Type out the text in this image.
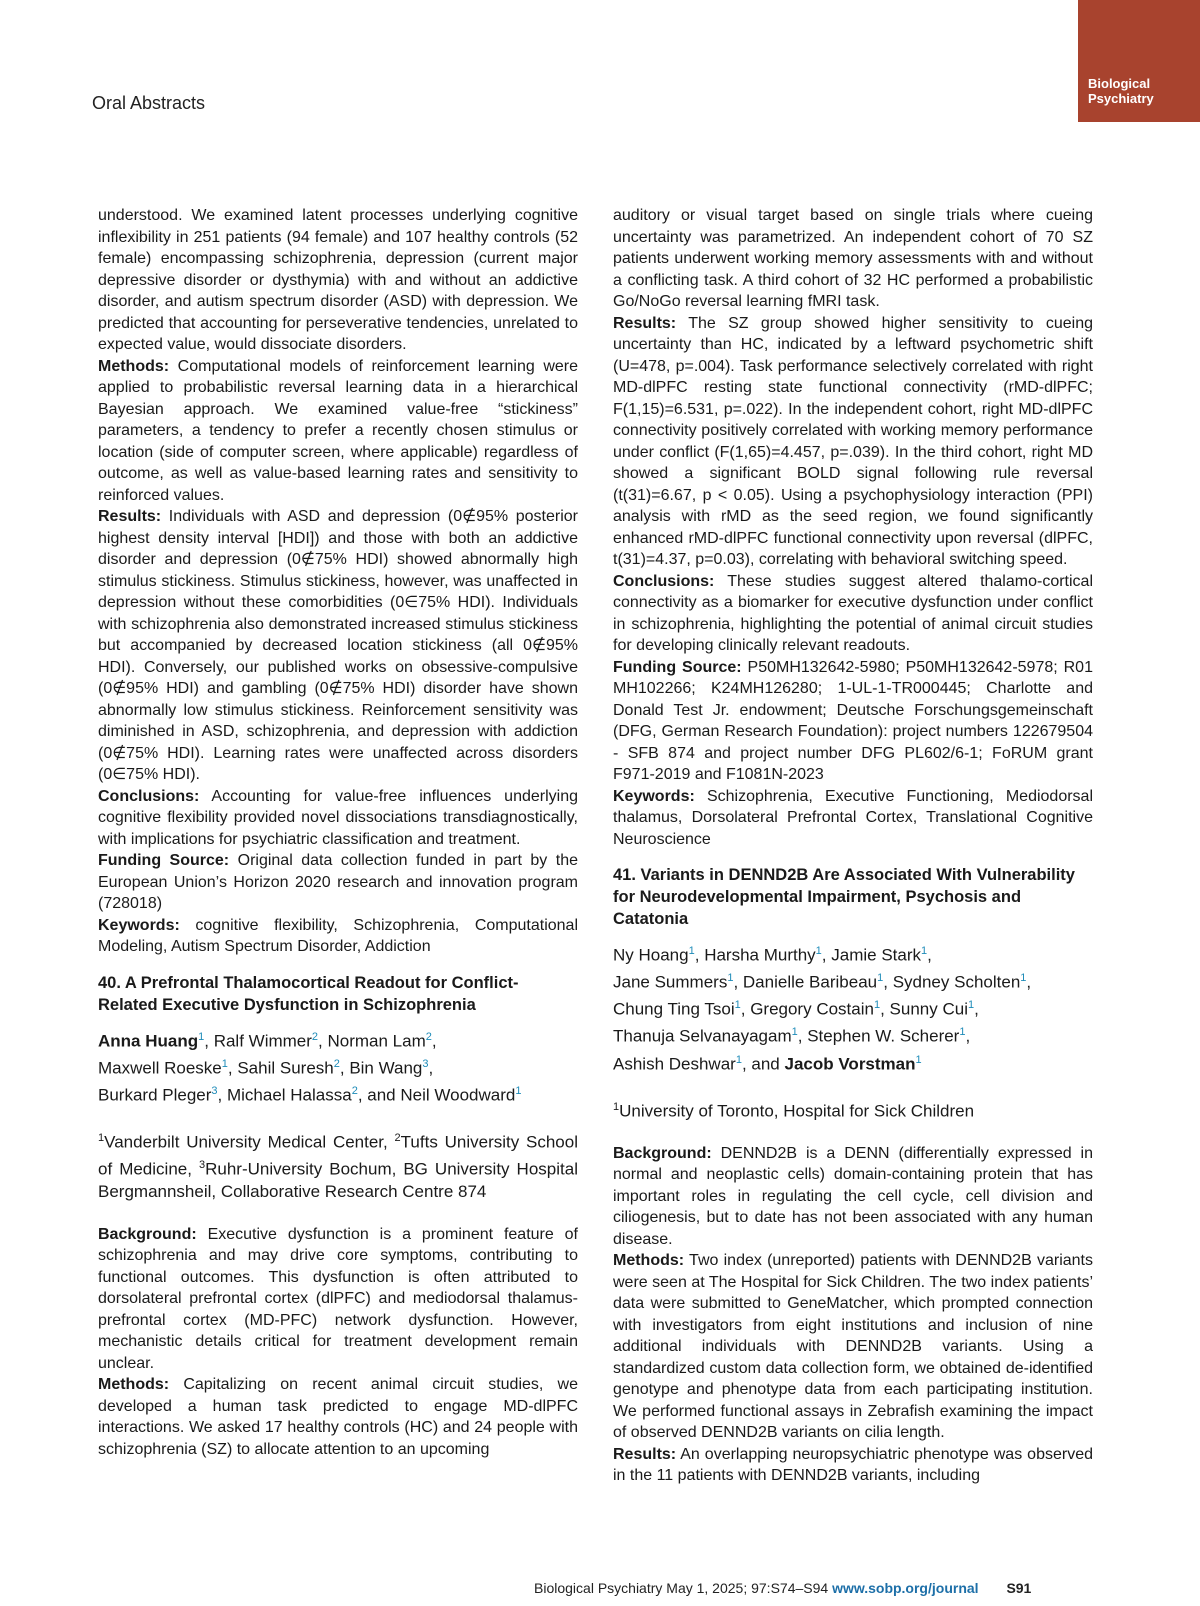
Biological
Psychiatry
Oral Abstracts

understood. We examined latent processes underlying cognitive inflexibility in 251 patients (94 female) and 107 healthy controls (52 female) encompassing schizophrenia, depression (current major depressive disorder or dysthymia) with and without an addictive disorder, and autism spectrum disorder (ASD) with depression. We predicted that accounting for perseverative tendencies, unrelated to expected value, would dissociate disorders.

Methods: Computational models of reinforcement learning were applied to probabilistic reversal learning data in a hierarchical Bayesian approach. We examined value-free “stickiness” parameters, a tendency to prefer a recently chosen stimulus or location (side of computer screen, where applicable) regardless of outcome, as well as value-based learning rates and sensitivity to reinforced values.

Results: Individuals with ASD and depression (0∉95% posterior highest density interval [HDI]) and those with both an addictive disorder and depression (0∉75% HDI) showed abnormally high stimulus stickiness. Stimulus stickiness, however, was unaffected in depression without these comorbidities (0∈75% HDI). Individuals with schizophrenia also demonstrated increased stimulus stickiness but accompanied by decreased location stickiness (all 0∉95% HDI). Conversely, our published works on obsessive-compulsive (0∉95% HDI) and gambling (0∉75% HDI) disorder have shown abnormally low stimulus stickiness. Reinforcement sensitivity was diminished in ASD, schizophrenia, and depression with addiction (0∉75% HDI). Learning rates were unaffected across disorders (0∈75% HDI).

Conclusions: Accounting for value-free influences underlying cognitive flexibility provided novel dissociations transdiagnostically, with implications for psychiatric classification and treatment.

Funding Source: Original data collection funded in part by the European Union’s Horizon 2020 research and innovation program (728018)

Keywords: cognitive flexibility, Schizophrenia, Computational Modeling, Autism Spectrum Disorder, Addiction

40. A Prefrontal Thalamocortical Readout for Conflict-Related Executive Dysfunction in Schizophrenia

Anna Huang$^1$, Ralf Wimmer$^2$, Norman Lam$^2$,
Maxwell Roeske$^1$, Sahil Suresh$^2$, Bin Wang$^3$,
Burkard Pleger$^3$, Michael Halassa$^2$, and Neil Woodward$^1$

$^1$Vanderbilt University Medical Center, $^2$Tufts University School of Medicine, $^3$Ruhr-University Bochum, BG University Hospital Bergmannsheil, Collaborative Research Centre 874

Background: Executive dysfunction is a prominent feature of schizophrenia and may drive core symptoms, contributing to functional outcomes. This dysfunction is often attributed to dorsolateral prefrontal cortex (dlPFC) and mediodorsal thalamus-prefrontal cortex (MD-PFC) network dysfunction. However, mechanistic details critical for treatment development remain unclear.

Methods: Capitalizing on recent animal circuit studies, we developed a human task predicted to engage MD-dlPFC interactions. We asked 17 healthy controls (HC) and 24 people with schizophrenia (SZ) to allocate attention to an upcoming

auditory or visual target based on single trials where cueing uncertainty was parametrized. An independent cohort of 70 SZ patients underwent working memory assessments with and without a conflicting task. A third cohort of 32 HC performed a probabilistic Go/NoGo reversal learning fMRI task.

Results: The SZ group showed higher sensitivity to cueing uncertainty than HC, indicated by a leftward psychometric shift (U=478, p=.004). Task performance selectively correlated with right MD-dlPFC resting state functional connectivity (rMD-dlPFC; F(1,15)=6.531, p=.022). In the independent cohort, right MD-dlPFC connectivity positively correlated with working memory performance under conflict (F(1,65)=4.457, p=.039). In the third cohort, right MD showed a significant BOLD signal following rule reversal (t(31)=6.67, p < 0.05). Using a psychophysiology interaction (PPI) analysis with rMD as the seed region, we found significantly enhanced rMD-dlPFC functional connectivity upon reversal (dlPFC, t(31)=4.37, p=0.03), correlating with behavioral switching speed.

Conclusions: These studies suggest altered thalamo-cortical connectivity as a biomarker for executive dysfunction under conflict in schizophrenia, highlighting the potential of animal circuit studies for developing clinically relevant readouts.

Funding Source: P50MH132642-5980; P50MH132642-5978; R01 MH102266; K24MH126280; 1-UL-1-TR000445; Charlotte and Donald Test Jr. endowment; Deutsche Forschungsgemeinschaft (DFG, German Research Foundation): project numbers 122679504 - SFB 874 and project number DFG PL602/6-1; FoRUM grant F971-2019 and F1081N-2023

Keywords: Schizophrenia, Executive Functioning, Mediodorsal thalamus, Dorsolateral Prefrontal Cortex, Translational Cognitive Neuroscience

41. Variants in DENND2B Are Associated With Vulnerability for Neurodevelopmental Impairment, Psychosis and Catatonia

Ny Hoang$^1$, Harsha Murthy$^1$, Jamie Stark$^1$,
Jane Summers$^1$, Danielle Baribeau$^1$, Sydney Scholten$^1$,
Chung Ting Tsoi$^1$, Gregory Costain$^1$, Sunny Cui$^1$,
Thanuja Selvanayagam$^1$, Stephen W. Scherer$^1$,
Ashish Deshwar$^1$, and Jacob Vorstman$^1$

$^1$University of Toronto, Hospital for Sick Children

Background: DENND2B is a DENN (differentially expressed in normal and neoplastic cells) domain-containing protein that has important roles in regulating the cell cycle, cell division and ciliogenesis, but to date has not been associated with any human disease.

Methods: Two index (unreported) patients with DENND2B variants were seen at The Hospital for Sick Children. The two index patients’ data were submitted to GeneMatcher, which prompted connection with investigators from eight institutions and inclusion of nine additional individuals with DENND2B variants. Using a standardized custom data collection form, we obtained de-identified genotype and phenotype data from each participating institution. We performed functional assays in Zebrafish examining the impact of observed DENND2B variants on cilia length.

Results: An overlapping neuropsychiatric phenotype was observed in the 11 patients with DENND2B variants, including

Biological Psychiatry May 1, 2025; 97:S74–S94 www.sobp.org/journal S91
